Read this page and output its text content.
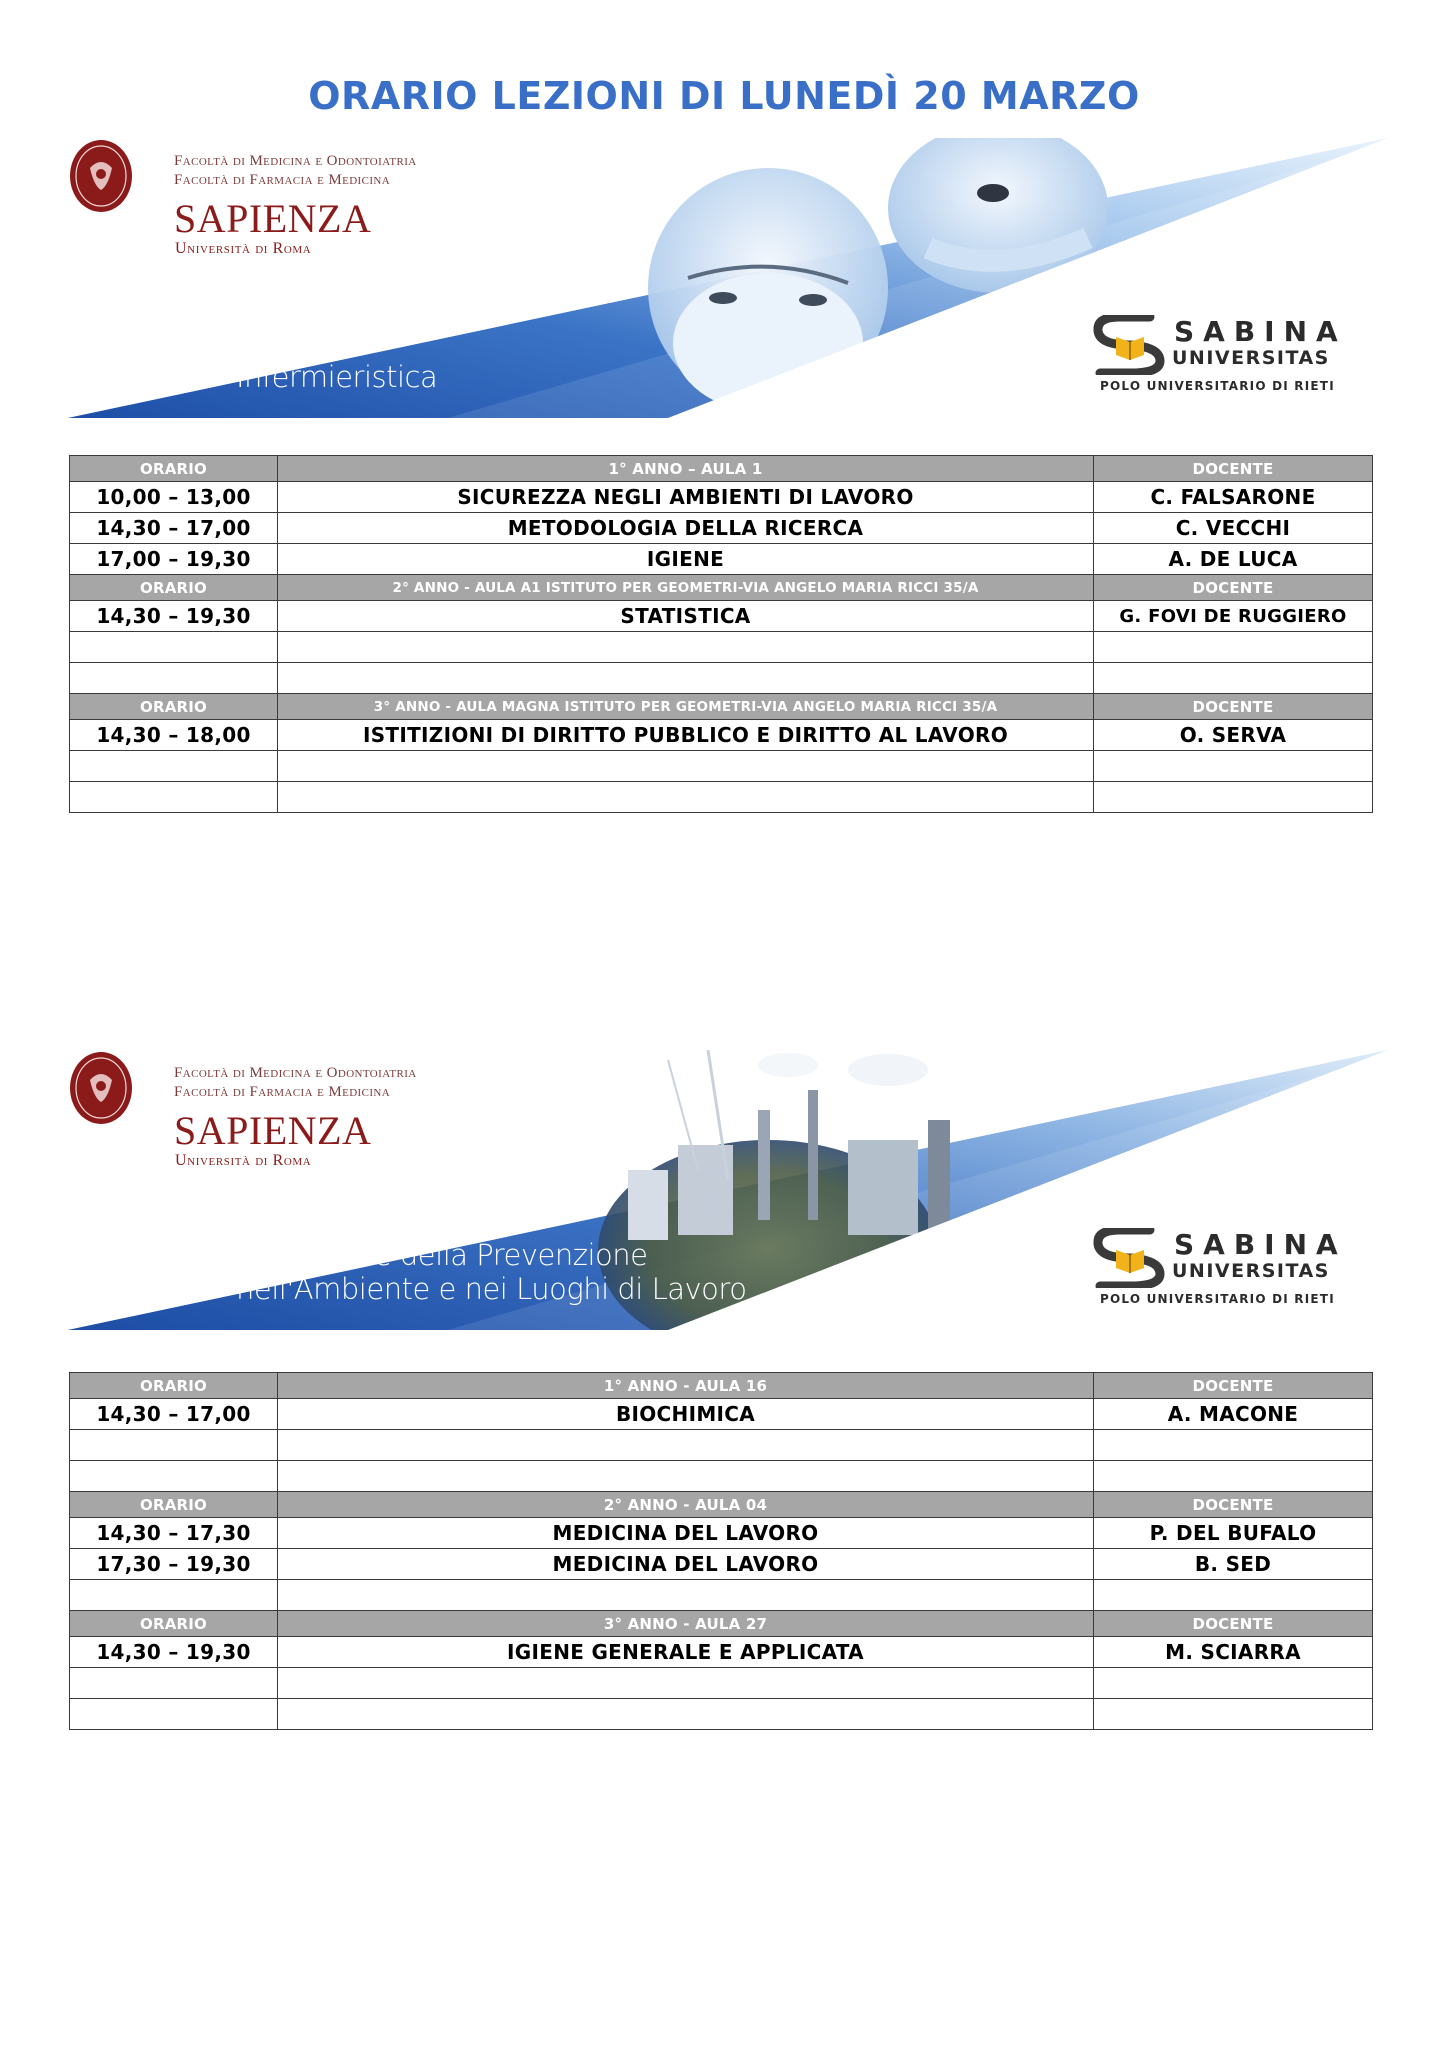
ORARIO LEZIONI DI LUNEDÌ 20 MARZO
Facoltà di Medicina e Odontoiatria
Facoltà di Farmacia e Medicina
SAPIENZA
Università di Roma
Infermieristica
SABINA
UNIVERSITAS
POLO UNIVERSITARIO DI RIETI
ORARIO	1° ANNO – AULA 1	DOCENTE
10,00 – 13,00	SICUREZZA NEGLI AMBIENTI DI LAVORO	C. FALSARONE
14,30 – 17,00	METODOLOGIA DELLA RICERCA	C. VECCHI
17,00 – 19,30	IGIENE	A. DE LUCA
ORARIO	2° ANNO - AULA A1 ISTITUTO PER GEOMETRI-VIA ANGELO MARIA RICCI 35/A	DOCENTE
14,30 – 19,30	STATISTICA	G. FOVI DE RUGGIERO

ORARIO	3° ANNO - AULA MAGNA ISTITUTO PER GEOMETRI-VIA ANGELO MARIA RICCI 35/A	DOCENTE
14,30 – 18,00	ISTITIZIONI DI DIRITTO PUBBLICO E DIRITTO AL LAVORO	O. SERVA

Facoltà di Medicina e Odontoiatria
Facoltà di Farmacia e Medicina
SAPIENZA
Università di Roma
Tecniche della Prevenzione
nell'Ambiente e nei Luoghi di Lavoro
SABINA
UNIVERSITAS
POLO UNIVERSITARIO DI RIETI
ORARIO	1° ANNO - AULA 16	DOCENTE
14,30 – 17,00	BIOCHIMICA	A. MACONE

ORARIO	2° ANNO - AULA 04	DOCENTE
14,30 – 17,30	MEDICINA DEL LAVORO	P. DEL BUFALO
17,30 – 19,30	MEDICINA DEL LAVORO	B. SED

ORARIO	3° ANNO - AULA 27	DOCENTE
14,30 – 19,30	IGIENE GENERALE E APPLICATA	M. SCIARRA
